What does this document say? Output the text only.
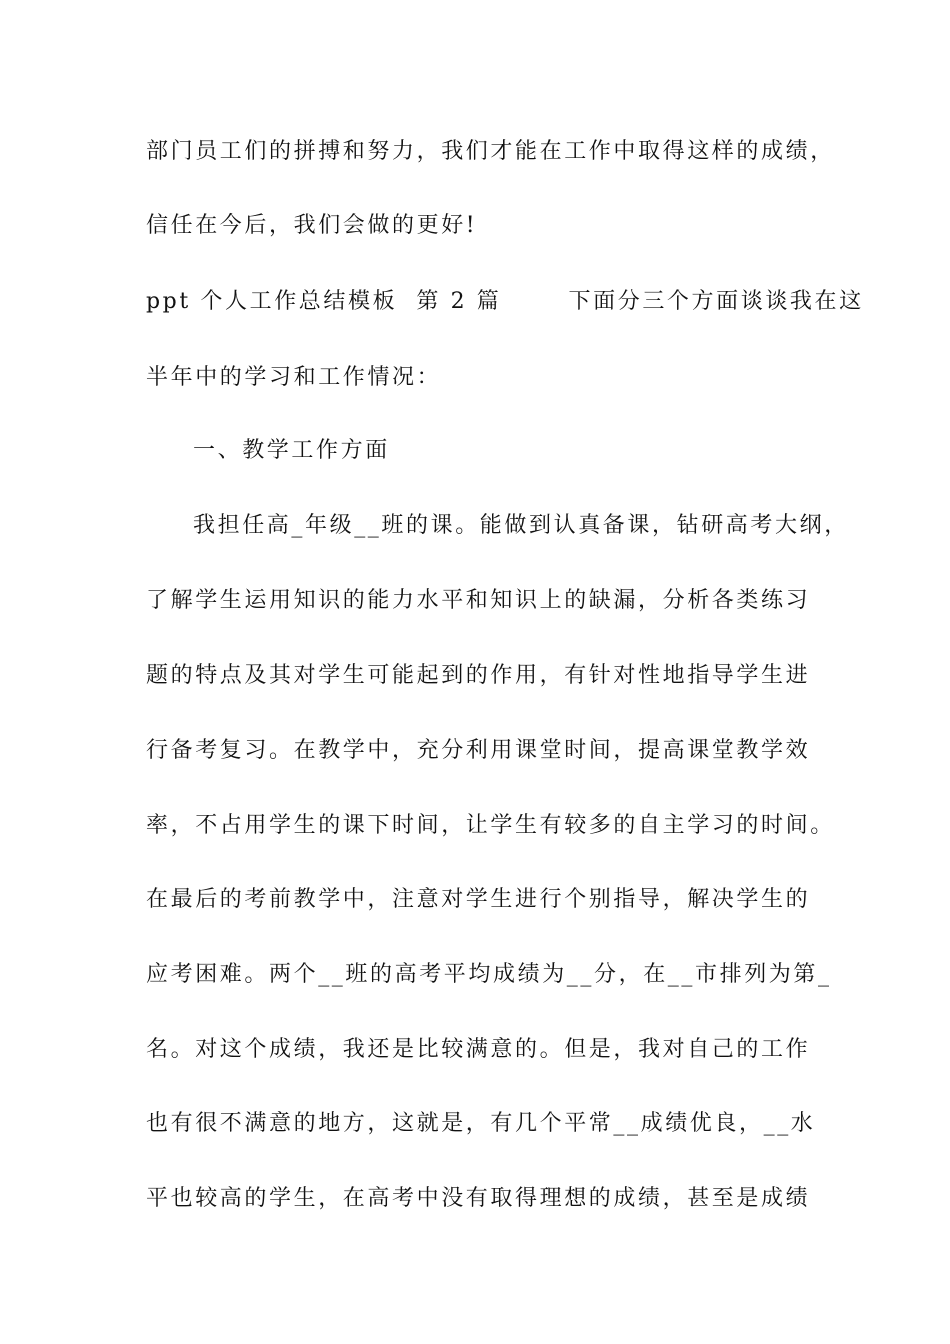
部门员工们的拼搏和努力，我们才能在工作中取得这样的成绩，
信任在今后，我们会做的更好!
ppt 个人工作总结模板  第 2 篇       下面分三个方面谈谈我在这
半年中的学习和工作情况：
一、教学工作方面
我担任高_年级__班的课。能做到认真备课，钻研高考大纲，
了解学生运用知识的能力水平和知识上的缺漏，分析各类练习
题的特点及其对学生可能起到的作用，有针对性地指导学生进
行备考复习。在教学中，充分利用课堂时间，提高课堂教学效
率，不占用学生的课下时间，让学生有较多的自主学习的时间。
在最后的考前教学中，注意对学生进行个别指导，解决学生的
应考困难。两个__班的高考平均成绩为__分，在__市排列为第_
名。对这个成绩，我还是比较满意的。但是，我对自己的工作
也有很不满意的地方，这就是，有几个平常__成绩优良，__水
平也较高的学生，在高考中没有取得理想的成绩，甚至是成绩
